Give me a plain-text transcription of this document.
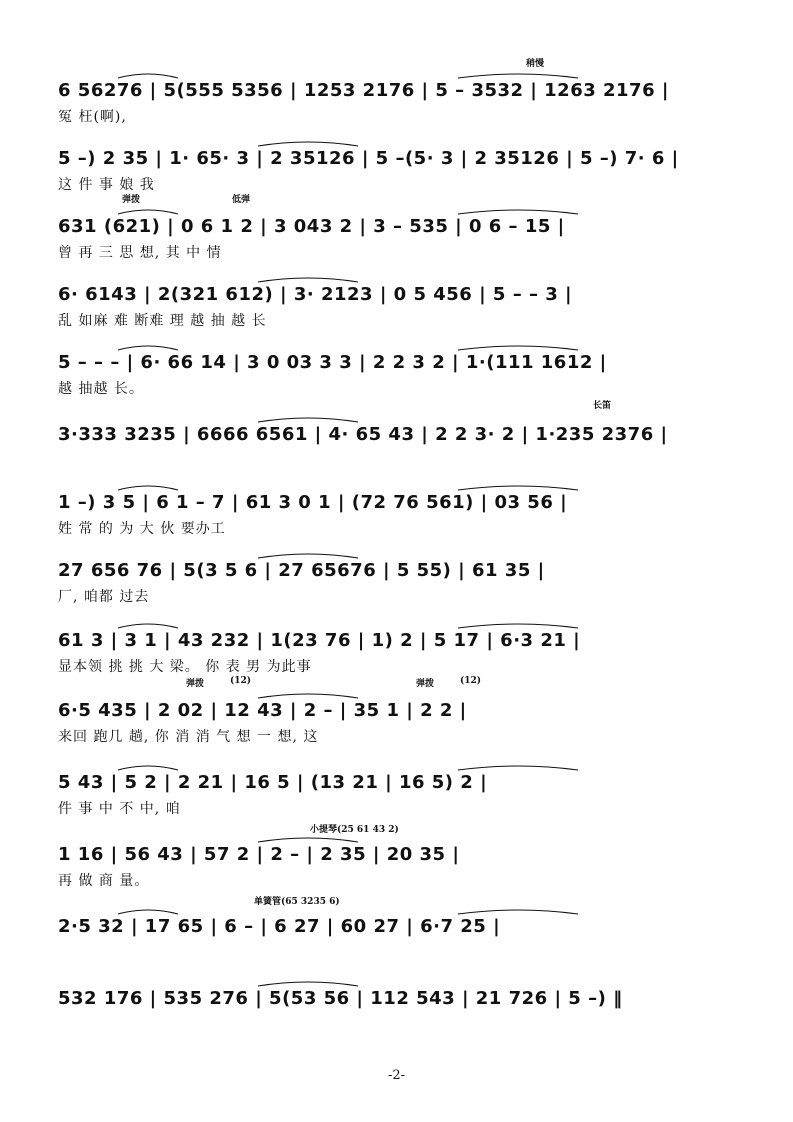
6 56276 | 5(555 5356 | 1253 2176 | 5 – 3532 | 1263 2176 |
冤 枉(啊),
稍慢
5 –) 2 35 | 1· 65· 3 | 2 35126 | 5 –(5· 3 | 2 35126 | 5 –) 7· 6 |
这 件 事 娘 我
631 (621) | 0 6 1 2 | 3 043 2 | 3 – 535 | 0 6 – 15 |
曾 再 三 思 想, 其 中 情
弹拨	低弹
6· 6143 | 2(321 612) | 3· 2123 | 0 5 456 | 5 – – 3 |
乱 如麻 难 断难 理 越 抽 越 长
5 – – – | 6· 66 14 | 3 0 03 3 3 | 2 2 3 2 | 1·(111 1612 |
越 抽越 长。
3·333 3235 | 6666 6561 | 4· 65 43 | 2 2 3· 2 | 1·235 2376 |
长笛
1 –) 3 5 | 6 1 – 7 | 61 3 0 1 | (72 76 561) | 03 56 |
姓 常 的 为 大 伙 要办工
27 656 76 | 5(3 5 6 | 27 65676 | 5 55) | 61 35 |
厂, 咱都 过去
61 3 | 3 1 | 43 232 | 1(23 76 | 1) 2 | 5 17 | 6·3 21 |
显本领 挑 挑 大 梁。 你 表 男 为此事
6·5 435 | 2 02 | 12 43 | 2 – | 35 1 | 2 2 |
来回 跑几 趟, 你 消 消 气 想 一 想, 这
弹拨	(12)	弹拨	(12)
5 43 | 5 2 | 2 21 | 16 5 | (13 21 | 16 5) 2 |
件 事 中 不 中, 咱
1 16 | 56 43 | 57 2 | 2 – | 2 35 | 20 35 |
再 做 商 量。
小提琴(25 61 43 2)
2·5 32 | 17 65 | 6 – | 6 27 | 60 27 | 6·7 25 |
单簧管(65 3235 6)
532 176 | 535 276 | 5(53 56 | 112 543 | 21 726 | 5 –) ‖
-2-
